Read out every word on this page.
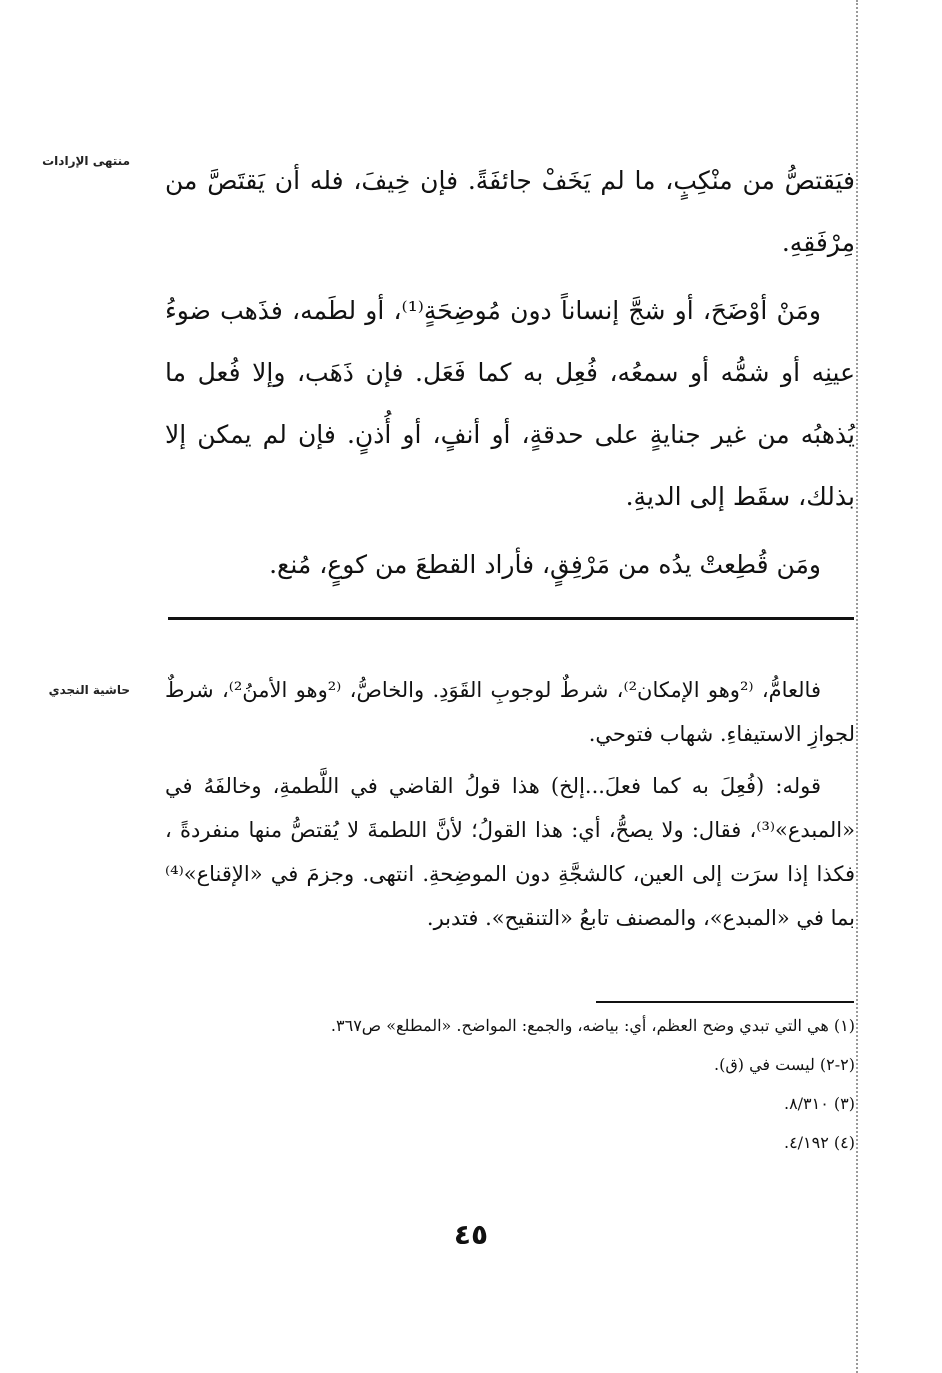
منتهى الإرادات

فيَقتصُّ من منْكِبٍ، ما لم يَخَفْ جائفَةً. فإن خِيفَ، فله أن يَقتَصَّ من مِرْفَقِهِ.

ومَنْ أوْضَحَ، أو شجَّ إنساناً دون مُوضِحَةٍ⁽¹⁾، أو لطَمه، فذَهب ضوءُ عينِه أو شمُّه أو سمعُه، فُعِل به كما فَعَل. فإن ذَهَب، وإلا فُعل ما يُذهبُه من غير جنايةٍ على حدقةٍ، أو أنفٍ، أو أُذنٍ. فإن لم يمكن إلا بذلك، سقَط إلى الديةِ.

ومَن قُطِعتْ يدُه من مَرْفِقٍ، فأراد القطعَ من كوعٍ، مُنع.

حاشية النجدي فالعامُّ، ⁽²وهو الإمكان²⁾، شرطٌ لوجوبِ القَوَدِ. والخاصُّ، ⁽²وهو الأمنُ²⁾، شرطٌ لجوازِ الاستيفاءِ. شهاب فتوحي.

قوله: (فُعِلَ به كما فعلَ...إلخ) هذا قولُ القاضي في اللَّطمةِ، وخالفَهُ في «المبدع»⁽³⁾، فقال: ولا يصحُّ، أي: هذا القولُ؛ لأنَّ اللطمةَ لا يُقتصُّ منها منفردةً ، فكذا إذا سرَت إلى العين، كالشجَّةِ دون الموضِحةِ. انتهى. وجزمَ في «الإقناع»⁽⁴⁾ بما في «المبدع»، والمصنف تابعُ «التنقيح». فتدبر.

(١) هي التي تبدي وضح العظم، أي: بياضه، والجمع: المواضح. «المطلع» ص٣٦٧.

(٢-٢) ليست في (ق).

(٣) ٨/٣١٠.

(٤) ٤/١٩٢.

٤٥
